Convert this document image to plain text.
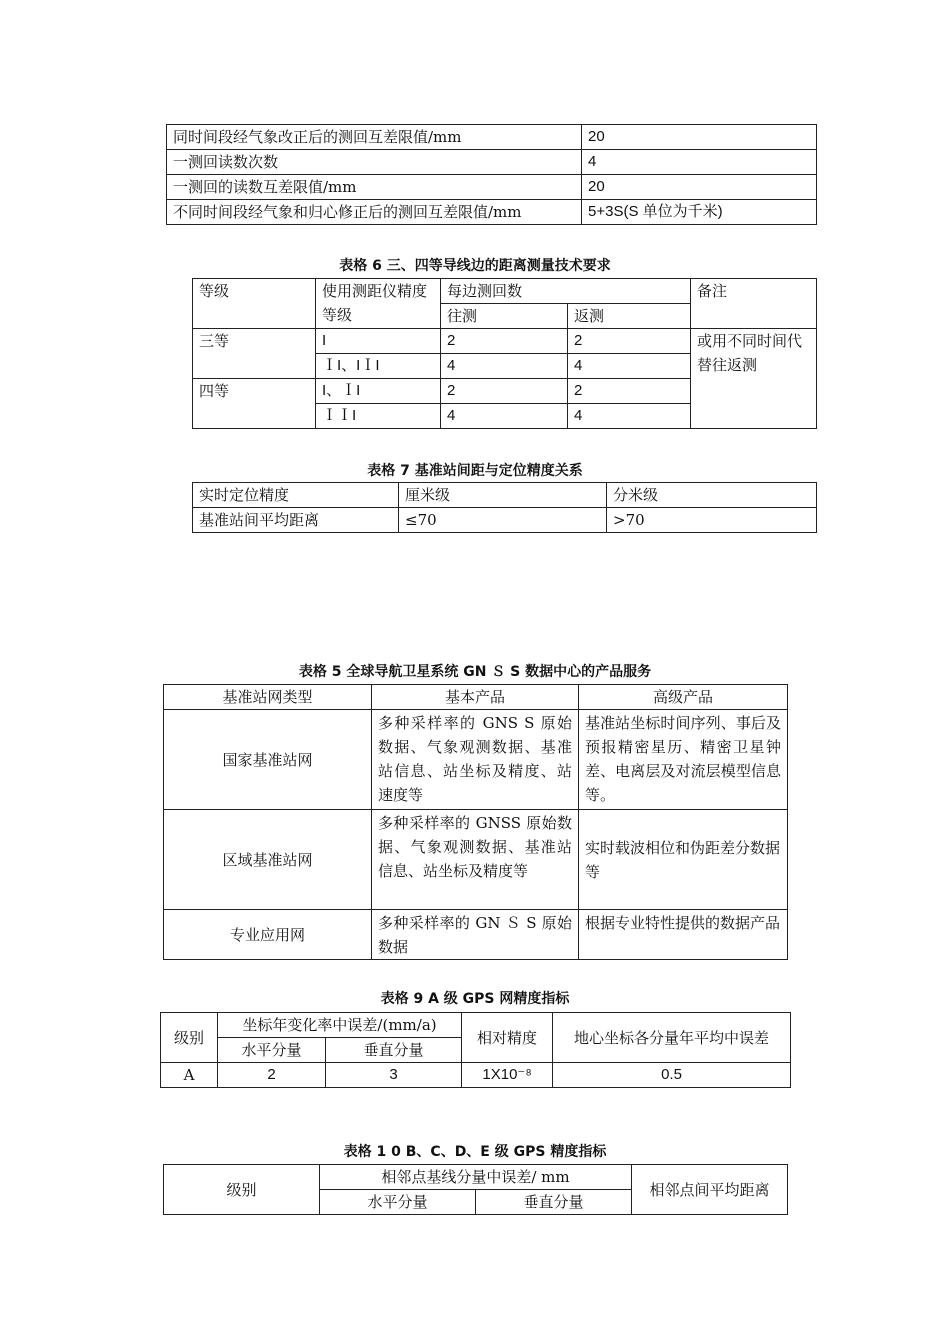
同时间段经气象改正后的测回互差限值/mm	20
一测回读数次数	4
一测回的读数互差限值/mm	20
不同时间段经气象和归心修正后的测回互差限值/mm	5+3S(S 单位为千米)
表格 6 三、四等导线边的距离测量技术要求
等级	使用测距仪精度等级	每边测回数		备注
		往测	返测	
三等	I	2	2	或用不同时间代替往返测
	ＩI、IＩI	4	4	
四等	I、ＩI	2	2	
	ＩＩI	4	4	
表格 7 基准站间距与定位精度关系
实时定位精度	厘米级	分米级
基准站间平均距离	≤70	>70
表格 5 全球导航卫星系统 GN Ｓ S 数据中心的产品服务
基准站网类型	基本产品	高级产品
国家基准站网	多种采样率的 GNS S 原始数据、气象观测数据、基准站信息、站坐标及精度、站速度等	基准站坐标时间序列、事后及预报精密星历、精密卫星钟差、电离层及对流层模型信息等。
区域基准站网	多种采样率的 GNSS 原始数据、气象观测数据、基准站信息、站坐标及精度等	实时载波相位和伪距差分数据等
专业应用网	多种采样率的 GN Ｓ S 原始数据	根据专业特性提供的数据产品
表格 9 A 级 GPS 网精度指标
级别	坐标年变化率中误差/(mm/a)		相对精度	地心坐标各分量年平均中误差
	水平分量	垂直分量		
A	2	3	1X10⁻⁸	0.5
表格 1 0 B、C、D、E 级 GPS 精度指标
级别	相邻点基线分量中误差/ mm		相邻点间平均距离
	水平分量	垂直分量	
